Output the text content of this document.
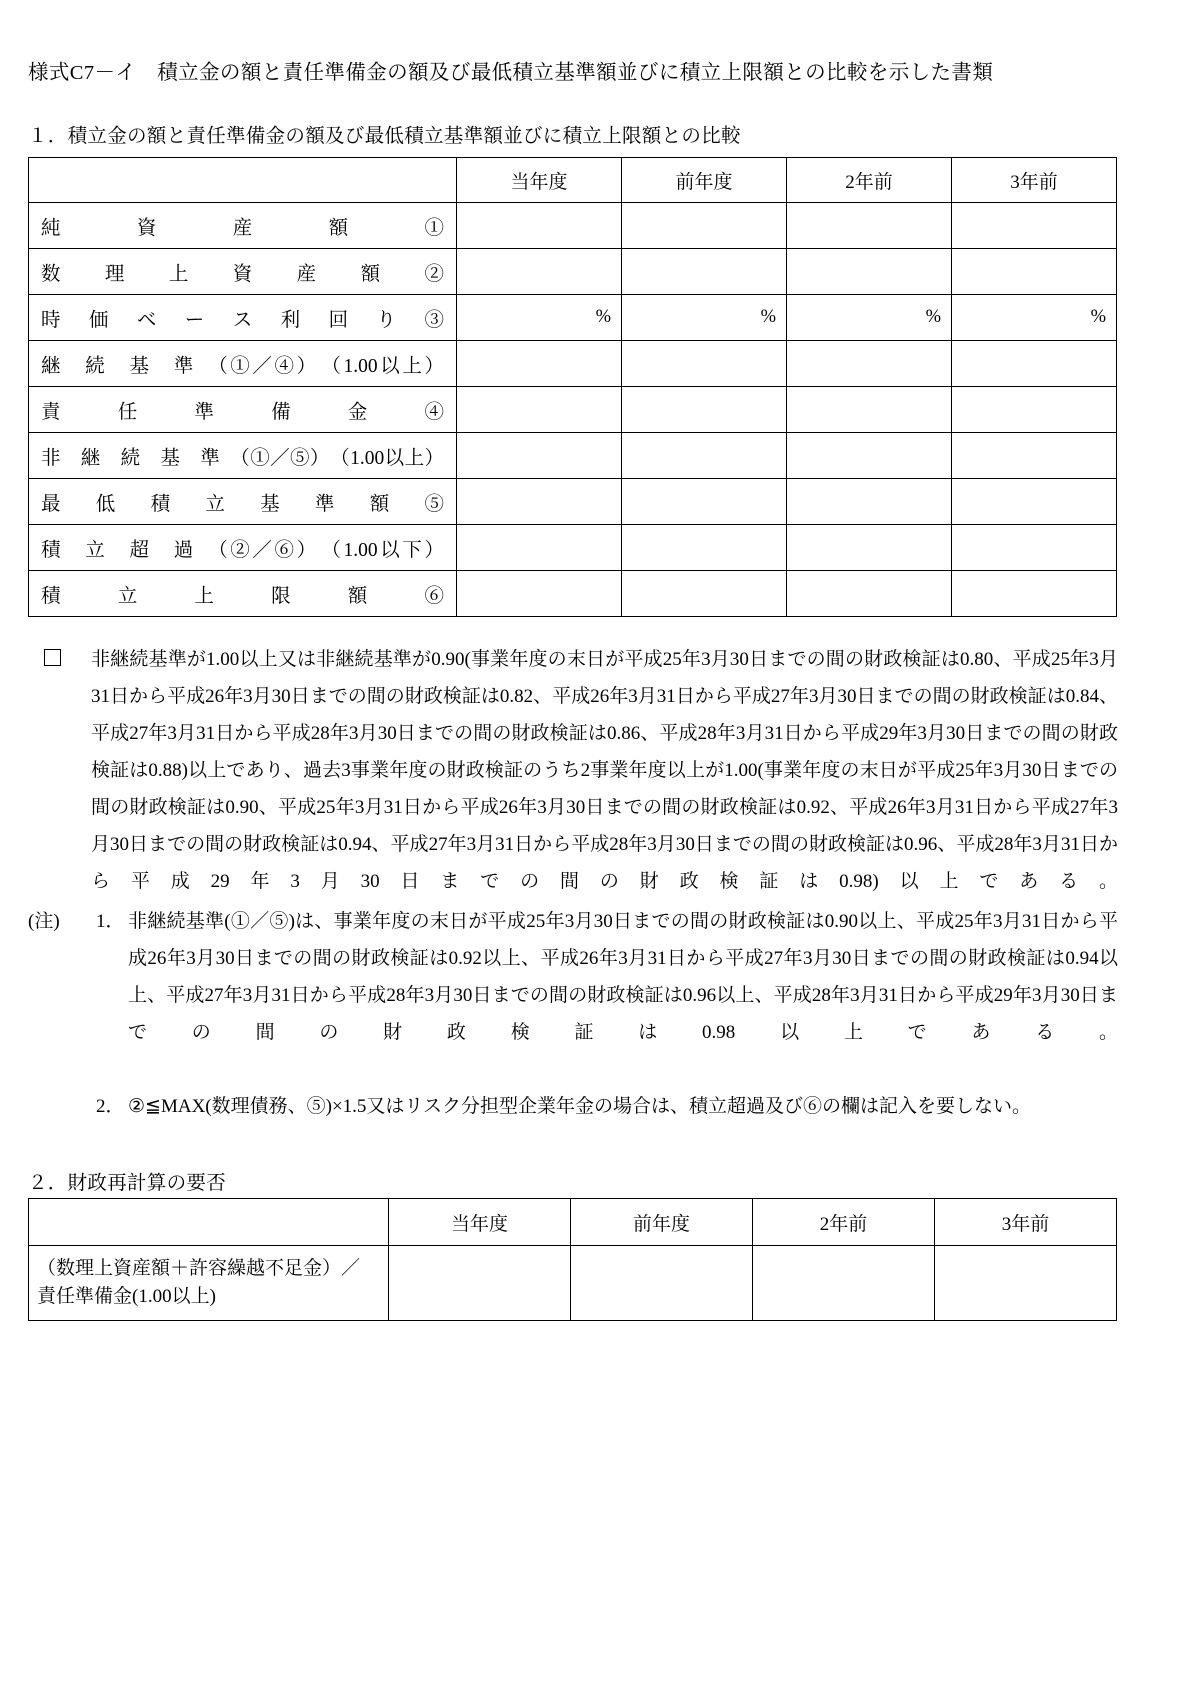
様式C7－イ　積立金の額と責任準備金の額及び最低積立基準額並びに積立上限額との比較を示した書類
１．積立金の額と責任準備金の額及び最低積立基準額並びに積立上限額との比較
	当年度	前年度	2年前	3年前
純　資　産　額　①				
数　理　上　資　産　額　②				
時　価　ベ　ー　ス　利　回　り　③	%	%	%	%
継　続　基　準　（①／④）　（1.00以上）				
責　任　準　備　金　④				
非　継　続　基　準　（①／⑤）　（1.00以上）				
最　低　積　立　基　準　額　⑤				
積　立　超　過　（②／⑥）　（1.00以下）				
積　立　上　限　額　⑥				
非継続基準が1.00以上又は非継続基準が0.90(事業年度の末日が平成25年3月30日までの間の財政検証は0.80、平成25年3月31日から平成26年3月30日までの間の財政検証は0.82、平成26年3月31日から平成27年3月30日までの間の財政検証は0.84、平成27年3月31日から平成28年3月30日までの間の財政検証は0.86、平成28年3月31日から平成29年3月30日までの間の財政検証は0.88)以上であり、過去3事業年度の財政検証のうち2事業年度以上が1.00(事業年度の末日が平成25年3月30日までの間の財政検証は0.90、平成25年3月31日から平成26年3月30日までの間の財政検証は0.92、平成26年3月31日から平成27年3月30日までの間の財政検証は0.94、平成27年3月31日から平成28年3月30日までの間の財政検証は0.96、平成28年3月31日から平成29年3月30日までの間の財政検証は0.98)以上である。
(注) 1． 非継続基準(①／⑤)は、事業年度の末日が平成25年3月30日までの間の財政検証は0.90以上、平成25年3月31日から平成26年3月30日までの間の財政検証は0.92以上、平成26年3月31日から平成27年3月30日までの間の財政検証は0.94以上、平成27年3月31日から平成28年3月30日までの間の財政検証は0.96以上、平成28年3月31日から平成29年3月30日までの間の財政検証は0.98以上である。
2． ②≦MAX(数理債務、⑤)×1.5又はリスク分担型企業年金の場合は、積立超過及び⑥の欄は記入を要しない。
２．財政再計算の要否
	当年度	前年度	2年前	3年前
（数理上資産額＋許容繰越不足金）／
責任準備金(1.00以上)				
